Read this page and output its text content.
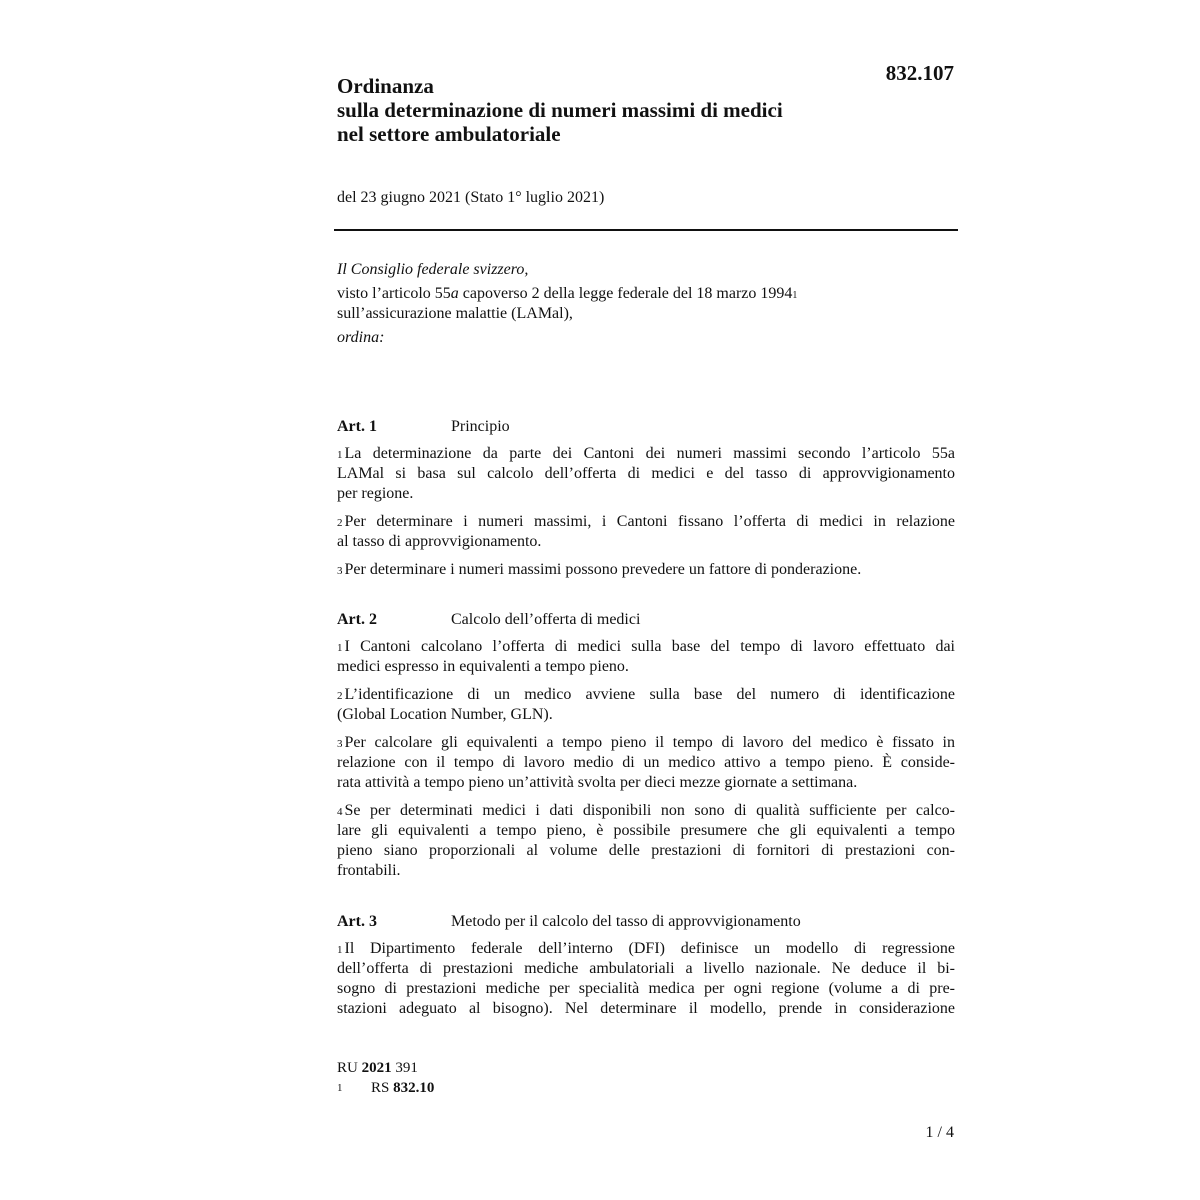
832.107
Ordinanza
sulla determinazione di numeri massimi di medici
nel settore ambulatoriale
del 23 giugno 2021 (Stato 1° luglio 2021)

Il Consiglio federale svizzero,

visto l’articolo 55a capoverso 2 della legge federale del 18 marzo 1994$^1$

sull’assicurazione malattie (LAMal),

ordina:

Art. 1	Principio
$^1$ La determinazione da parte dei Cantoni dei numeri massimi secondo l’articolo 55a
LAMal si basa sul calcolo dell’offerta di medici e del tasso di approvvigionamento
per regione.
$^2$ Per determinare i numeri massimi, i Cantoni fissano l’offerta di medici in relazione
al tasso di approvvigionamento.
$^3$ Per determinare i numeri massimi possono prevedere un fattore di ponderazione.
Art. 2	Calcolo dell’offerta di medici
$^1$ I Cantoni calcolano l’offerta di medici sulla base del tempo di lavoro effettuato dai
medici espresso in equivalenti a tempo pieno.
$^2$ L’identificazione di un medico avviene sulla base del numero di identificazione
(Global Location Number, GLN).
$^3$ Per calcolare gli equivalenti a tempo pieno il tempo di lavoro del medico è fissato in
relazione con il tempo di lavoro medio di un medico attivo a tempo pieno. È conside-
rata attività a tempo pieno un’attività svolta per dieci mezze giornate a settimana.
$^4$ Se per determinati medici i dati disponibili non sono di qualità sufficiente per calco-
lare gli equivalenti a tempo pieno, è possibile presumere che gli equivalenti a tempo
pieno siano proporzionali al volume delle prestazioni di fornitori di prestazioni con-
frontabili.
Art. 3	Metodo per il calcolo del tasso di approvvigionamento
$^1$ Il Dipartimento federale dell’interno (DFI) definisce un modello di regressione
dell’offerta di prestazioni mediche ambulatoriali a livello nazionale. Ne deduce il bi-
sogno di prestazioni mediche per specialità medica per ogni regione (volume a di pre-
stazioni adeguato al bisogno). Nel determinare il modello, prende in considerazione
RU 2021 391
1	RS 832.10
1 / 4
